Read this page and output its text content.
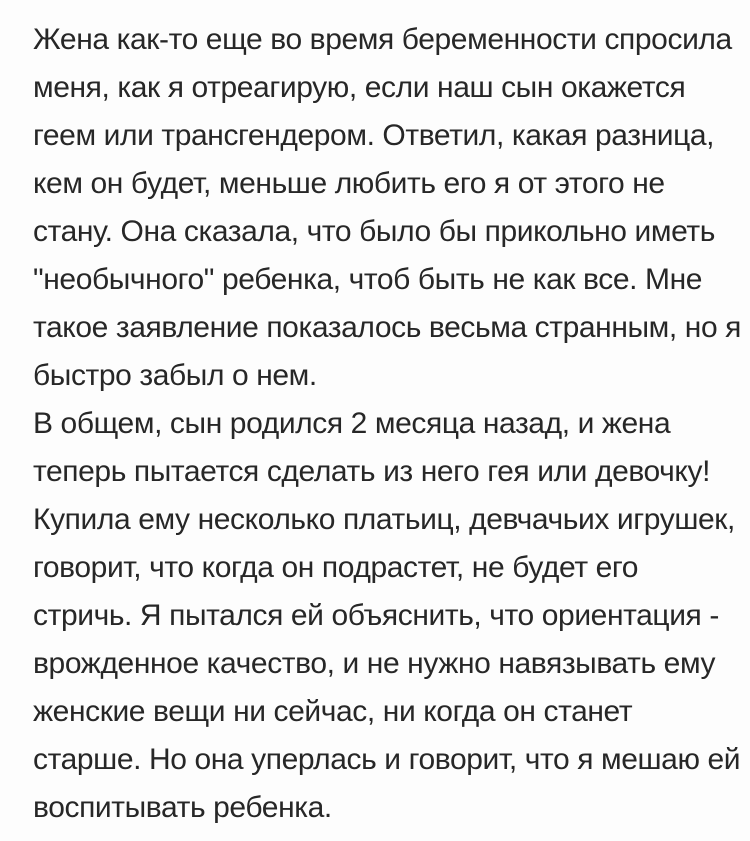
Жена как-то еще во время беременности спросила
меня, как я отреагирую, если наш сын окажется
геем или трансгендером. Ответил, какая разница,
кем он будет, меньше любить его я от этого не
стану. Она сказала, что было бы прикольно иметь
"необычного" ребенка, чтоб быть не как все. Мне
такое заявление показалось весьма странным, но я
быстро забыл о нем.
В общем, сын родился 2 месяца назад, и жена
теперь пытается сделать из него гея или девочку!
Купила ему несколько платьиц, девчачьих игрушек,
говорит, что когда он подрастет, не будет его
стричь. Я пытался ей объяснить, что ориентация -
врожденное качество, и не нужно навязывать ему
женские вещи ни сейчас, ни когда он станет
старше. Но она уперлась и говорит, что я мешаю ей
воспитывать ребенка.
